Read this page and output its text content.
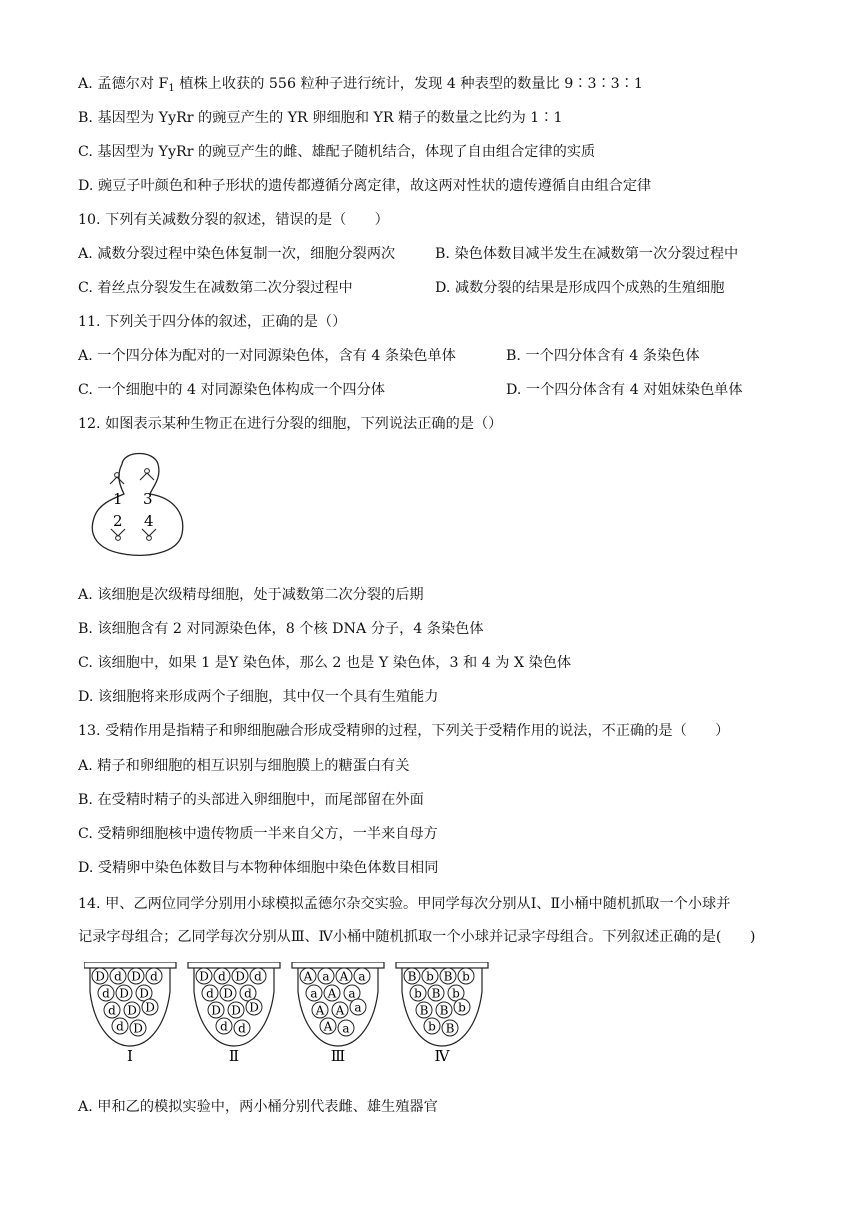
A. 孟德尔对 $F_1$ 植株上收获的 556 粒种子进行统计，发现 4 种表型的数量比 9∶3∶3∶1
B. 基因型为 YyRr 的豌豆产生的 YR 卵细胞和 YR 精子的数量之比约为 1∶1
C. 基因型为 YyRr 的豌豆产生的雌、雄配子随机结合，体现了自由组合定律的实质
D. 豌豆子叶颜色和种子形状的遗传都遵循分离定律，故这两对性状的遗传遵循自由组合定律
10. 下列有关减数分裂的叙述，错误的是（　　）
A. 减数分裂过程中染色体复制一次，细胞分裂两次	B. 染色体数目减半发生在减数第一次分裂过程中
C. 着丝点分裂发生在减数第二次分裂过程中	D. 减数分裂的结果是形成四个成熟的生殖细胞
11. 下列关于四分体的叙述，正确的是（）
A. 一个四分体为配对的一对同源染色体，含有 4 条染色单体	B. 一个四分体含有 4 条染色体
C. 一个细胞中的 4 对同源染色体构成一个四分体	D. 一个四分体含有 4 对姐妹染色单体
12. 如图表示某种生物正在进行分裂的细胞，下列说法正确的是（）
1 3
2 4
A. 该细胞是次级精母细胞，处于减数第二次分裂的后期
B. 该细胞含有 2 对同源染色体，8 个核 DNA 分子，4 条染色体
C. 该细胞中，如果 1 是Y 染色体，那么 2 也是 Y 染色体，3 和 4 为 X 染色体
D. 该细胞将来形成两个子细胞，其中仅一个具有生殖能力
13. 受精作用是指精子和卵细胞融合形成受精卵的过程，下列关于受精作用的说法，不正确的是（　　）
A. 精子和卵细胞的相互识别与细胞膜上的糖蛋白有关
B. 在受精时精子的头部进入卵细胞中，而尾部留在外面
C. 受精卵细胞核中遗传物质一半来自父方，一半来自母方
D. 受精卵中染色体数目与本物种体细胞中染色体数目相同
14. 甲、乙两位同学分别用小球模拟孟德尔杂交实验。甲同学每次分别从Ⅰ、Ⅱ小桶中随机抓取一个小球并
记录字母组合；乙同学每次分别从Ⅲ、Ⅳ小桶中随机抓取一个小球并记录字母组合。下列叙述正确的是(　　)
D d D d
d D D
d D D
d D
Ⅰ
D d D d
d D d
D D D
d d
Ⅱ
A a A a
a A a
A A a
A a
Ⅲ
B b B b
b B b
B B b
b B
Ⅳ
A. 甲和乙的模拟实验中，两小桶分别代表雌、雄生殖器官
